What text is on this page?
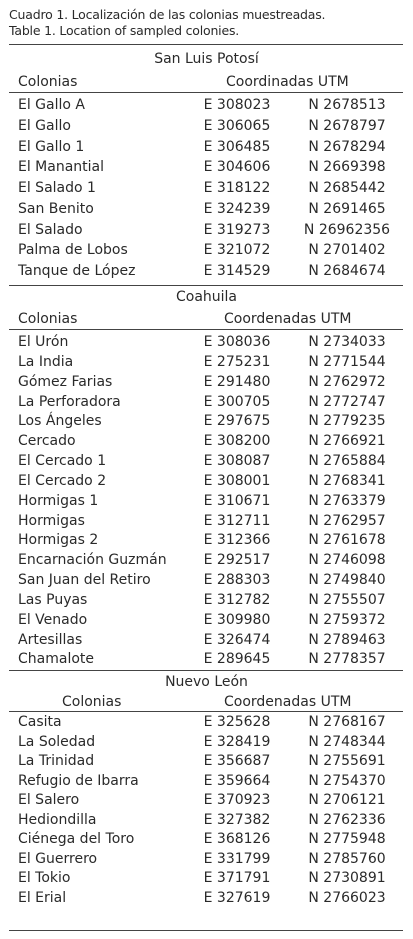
Cuadro 1. Localización de las colonias muestreadas.
Table 1. Location of sampled colonies.
San Luis Potosí
Colonias	Coordinadas UTM
El Gallo A	E 308023	N 2678513
El Gallo	E 306065	N 2678797
El Gallo 1	E 306485	N 2678294
El Manantial	E 304606	N 2669398
El Salado 1	E 318122	N 2685442
San Benito	E 324239	N 2691465
El Salado	E 319273	N 26962356
Palma de Lobos	E 321072	N 2701402
Tanque de López	E 314529	N 2684674
Coahuila
Colonias	Coordenadas UTM
El Urón	E 308036	N 2734033
La India	E 275231	N 2771544
Gómez Farias	E 291480	N 2762972
La Perforadora	E 300705	N 2772747
Los Ángeles	E 297675	N 2779235
Cercado	E 308200	N 2766921
El Cercado 1	E 308087	N 2765884
El Cercado 2	E 308001	N 2768341
Hormigas 1	E 310671	N 2763379
Hormigas	E 312711	N 2762957
Hormigas 2	E 312366	N 2761678
Encarnación Guzmán	E 292517	N 2746098
San Juan del Retiro	E 288303	N 2749840
Las Puyas	E 312782	N 2755507
El Venado	E 309980	N 2759372
Artesillas	E 326474	N 2789463
Chamalote	E 289645	N 2778357
Nuevo León
Colonias	Coordenadas UTM
Casita	E 325628	N 2768167
La Soledad	E 328419	N 2748344
La Trinidad	E 356687	N 2755691
Refugio de Ibarra	E 359664	N 2754370
El Salero	E 370923	N 2706121
Hediondilla	E 327382	N 2762336
Ciénega del Toro	E 368126	N 2775948
El Guerrero	E 331799	N 2785760
El Tokio	E 371791	N 2730891
El Erial	E 327619	N 2766023
